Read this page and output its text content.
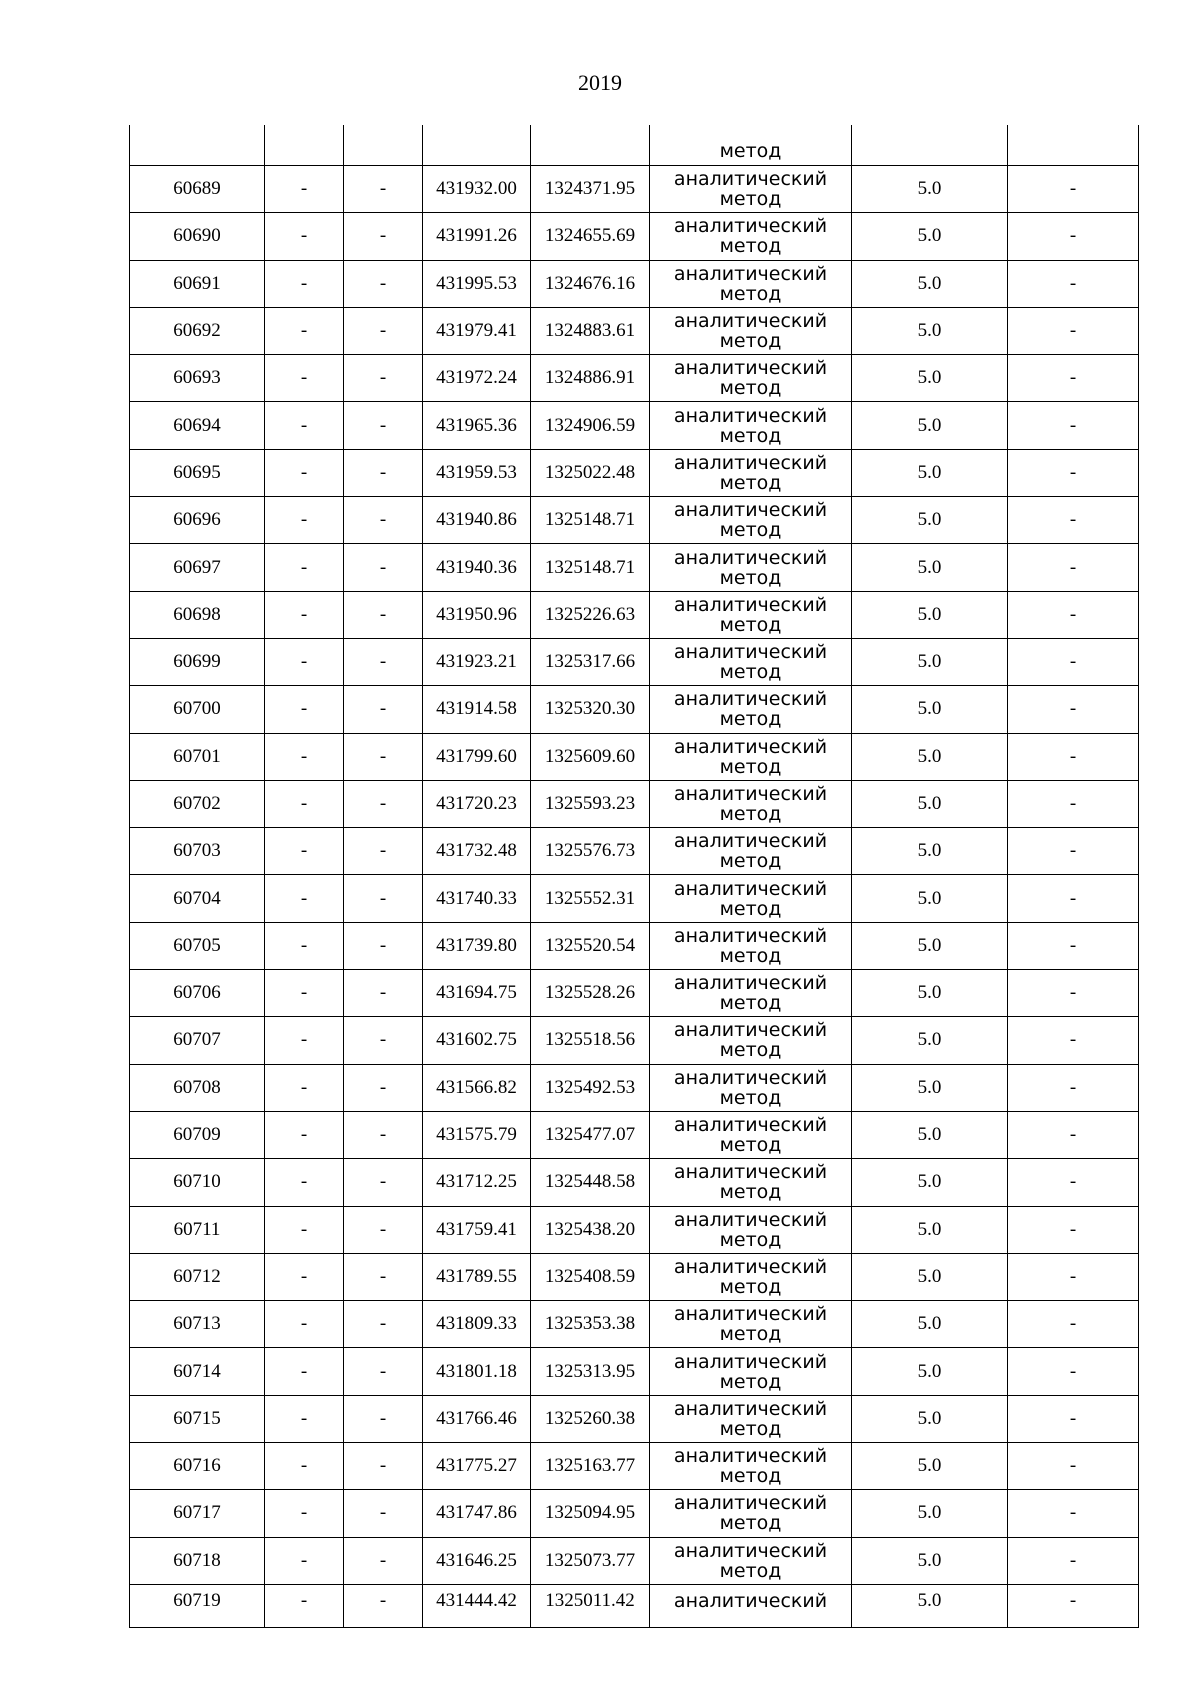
2019

					метод		

60689	-	-	431932.00	1324371.95	аналитический
метод	5.0	-
60690	-	-	431991.26	1324655.69	аналитический
метод	5.0	-
60691	-	-	431995.53	1324676.16	аналитический
метод	5.0	-
60692	-	-	431979.41	1324883.61	аналитический
метод	5.0	-
60693	-	-	431972.24	1324886.91	аналитический
метод	5.0	-
60694	-	-	431965.36	1324906.59	аналитический
метод	5.0	-
60695	-	-	431959.53	1325022.48	аналитический
метод	5.0	-
60696	-	-	431940.86	1325148.71	аналитический
метод	5.0	-
60697	-	-	431940.36	1325148.71	аналитический
метод	5.0	-
60698	-	-	431950.96	1325226.63	аналитический
метод	5.0	-
60699	-	-	431923.21	1325317.66	аналитический
метод	5.0	-
60700	-	-	431914.58	1325320.30	аналитический
метод	5.0	-
60701	-	-	431799.60	1325609.60	аналитический
метод	5.0	-
60702	-	-	431720.23	1325593.23	аналитический
метод	5.0	-
60703	-	-	431732.48	1325576.73	аналитический
метод	5.0	-
60704	-	-	431740.33	1325552.31	аналитический
метод	5.0	-
60705	-	-	431739.80	1325520.54	аналитический
метод	5.0	-
60706	-	-	431694.75	1325528.26	аналитический
метод	5.0	-
60707	-	-	431602.75	1325518.56	аналитический
метод	5.0	-
60708	-	-	431566.82	1325492.53	аналитический
метод	5.0	-
60709	-	-	431575.79	1325477.07	аналитический
метод	5.0	-
60710	-	-	431712.25	1325448.58	аналитический
метод	5.0	-
60711	-	-	431759.41	1325438.20	аналитический
метод	5.0	-
60712	-	-	431789.55	1325408.59	аналитический
метод	5.0	-
60713	-	-	431809.33	1325353.38	аналитический
метод	5.0	-
60714	-	-	431801.18	1325313.95	аналитический
метод	5.0	-
60715	-	-	431766.46	1325260.38	аналитический
метод	5.0	-
60716	-	-	431775.27	1325163.77	аналитический
метод	5.0	-
60717	-	-	431747.86	1325094.95	аналитический
метод	5.0	-
60718	-	-	431646.25	1325073.77	аналитический
метод	5.0	-
60719	-	-	431444.42	1325011.42	аналитический	5.0	-
